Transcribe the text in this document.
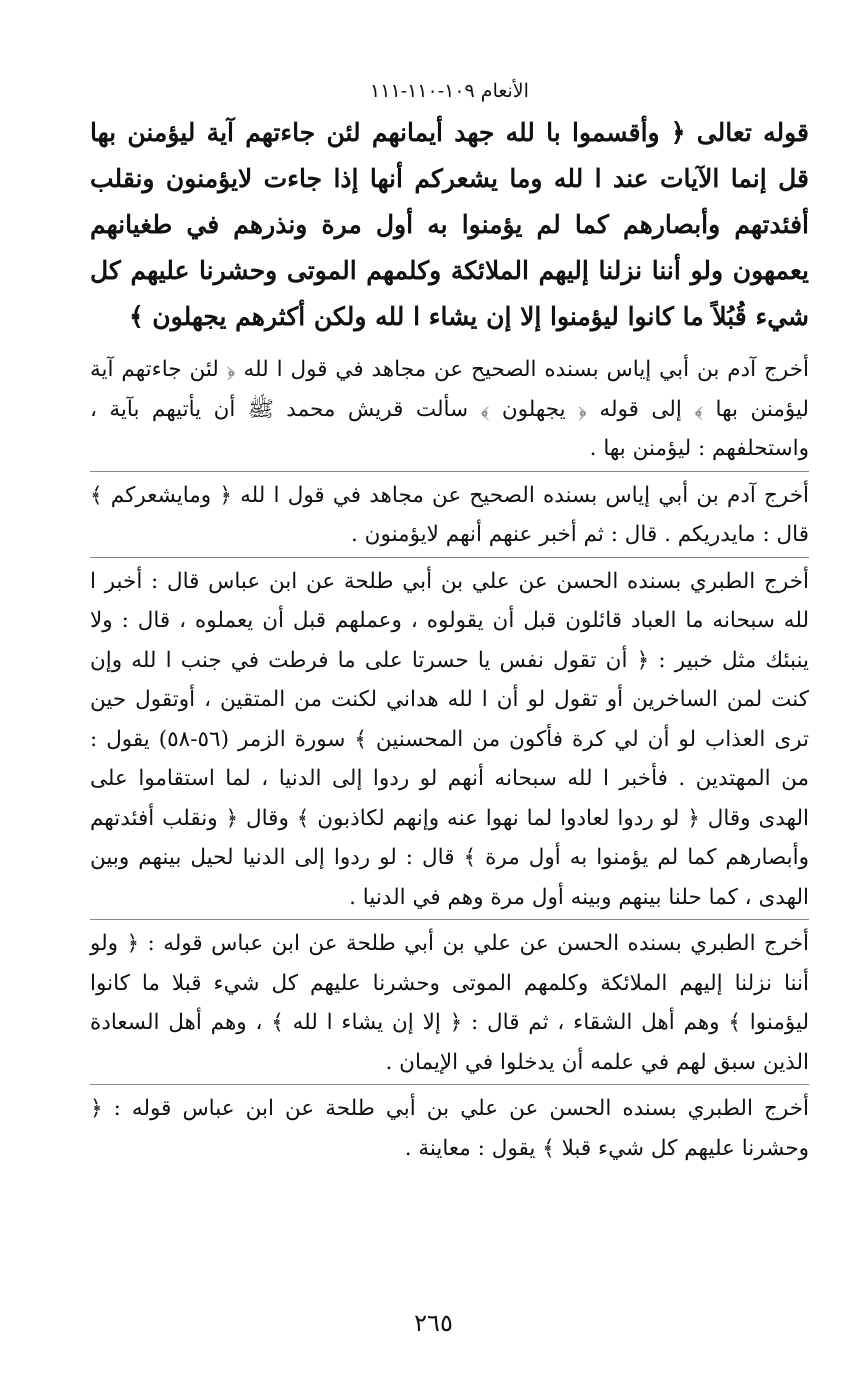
الأنعام ١٠٩-١١٠-١١١

قوله تعالى ﴿ وأقسموا با لله جهد أيمانهم لئن جاءتهم آية ليؤمنن بها قل إنما الآيات عند ا لله وما يشعركم أنها إذا جاءت لايؤمنون ونقلب أفئدتهم وأبصارهم كما لم يؤمنوا به أول مرة ونذرهم في طغيانهم يعمهون ولو أننا نزلنا إليهم الملائكة وكلمهم الموتى وحشرنا عليهم كل شيء قُبُلاً ما كانوا ليؤمنوا إلا إن يشاء ا لله ولكن أكثرهم يجهلون ﴾

أخرج آدم بن أبي إياس بسنده الصحيح عن مجاهد في قول ا لله ﴿ لئن جاءتهم آية ليؤمنن بها ﴾ إلى قوله ﴿ يجهلون ﴾ سألت قريش محمد ﷺ أن يأتيهم بآية ، واستحلفهم : ليؤمنن بها .

أخرج آدم بن أبي إياس بسنده الصحيح عن مجاهد في قول ا لله ﴿ ومايشعركم ﴾ قال : مايدريكم . قال : ثم أخبر عنهم أنهم لايؤمنون .

أخرج الطبري بسنده الحسن عن علي بن أبي طلحة عن ابن عباس قال : أخبر ا لله سبحانه ما العباد قائلون قبل أن يقولوه ، وعملهم قبل أن يعملوه ، قال : ولا ينبئك مثل خبير : ﴿ أن تقول نفس يا حسرتا على ما فرطت في جنب ا لله وإن كنت لمن الساخرين أو تقول لو أن ا لله هداني لكنت من المتقين ، أوتقول حين ترى العذاب لو أن لي كرة فأكون من المحسنين ﴾ سورة الزمر (٥٦-٥٨) يقول : من المهتدين . فأخبر ا لله سبحانه أنهم لو ردوا إلى الدنيا ، لما استقاموا على الهدى وقال ﴿ لو ردوا لعادوا لما نهوا عنه وإنهم لكاذبون ﴾ وقال ﴿ ونقلب أفئدتهم وأبصارهم كما لم يؤمنوا به أول مرة ﴾ قال : لو ردوا إلى الدنيا لحيل بينهم وبين الهدى ، كما حلنا بينهم وبينه أول مرة وهم في الدنيا .

أخرج الطبري بسنده الحسن عن علي بن أبي طلحة عن ابن عباس قوله : ﴿ ولو أننا نزلنا إليهم الملائكة وكلمهم الموتى وحشرنا عليهم كل شيء قبلا ما كانوا ليؤمنوا ﴾ وهم أهل الشقاء ، ثم قال : ﴿ إلا إن يشاء ا لله ﴾ ، وهم أهل السعادة الذين سبق لهم في علمه أن يدخلوا في الإيمان .

أخرج الطبري بسنده الحسن عن علي بن أبي طلحة عن ابن عباس قوله : ﴿ وحشرنا عليهم كل شيء قبلا ﴾ يقول : معاينة .

٢٦٥
